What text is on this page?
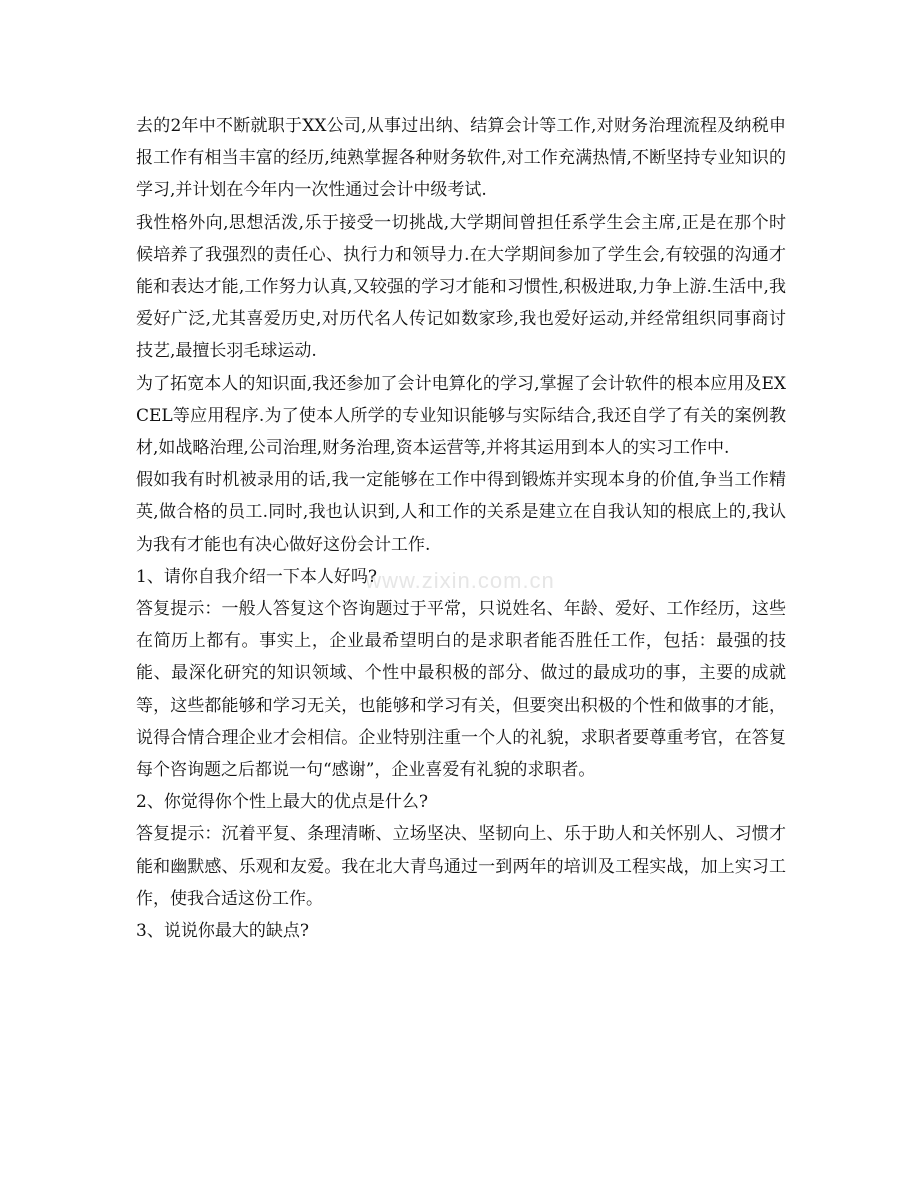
www.zixin.com.cn

去的2年中不断就职于XX公司,从事过出纳、结算会计等工作,对财务治理流程及纳税申报工作有相当丰富的经历,纯熟掌握各种财务软件,对工作充满热情,不断坚持专业知识的学习,并计划在今年内一次性通过会计中级考试.

我性格外向,思想活泼,乐于接受一切挑战,大学期间曾担任系学生会主席,正是在那个时候培养了我强烈的责任心、执行力和领导力.在大学期间参加了学生会,有较强的沟通才能和表达才能,工作努力认真,又较强的学习才能和习惯性,积极进取,力争上游.生活中,我爱好广泛,尤其喜爱历史,对历代名人传记如数家珍,我也爱好运动,并经常组织同事商讨技艺,最擅长羽毛球运动.

为了拓宽本人的知识面,我还参加了会计电算化的学习,掌握了会计软件的根本应用及EXCEL等应用程序.为了使本人所学的专业知识能够与实际结合,我还自学了有关的案例教材,如战略治理,公司治理,财务治理,资本运营等,并将其运用到本人的实习工作中.

假如我有时机被录用的话,我一定能够在工作中得到锻炼并实现本身的价值,争当工作精英,做合格的员工.同时,我也认识到,人和工作的关系是建立在自我认知的根底上的,我认为我有才能也有决心做好这份会计工作.

1、请你自我介绍一下本人好吗?

答复提示：一般人答复这个咨询题过于平常，只说姓名、年龄、爱好、工作经历，这些在简历上都有。事实上，企业最希望明白的是求职者能否胜任工作，包括：最强的技能、最深化研究的知识领域、个性中最积极的部分、做过的最成功的事，主要的成就等，这些都能够和学习无关，也能够和学习有关，但要突出积极的个性和做事的才能，说得合情合理企业才会相信。企业特别注重一个人的礼貌，求职者要尊重考官，在答复每个咨询题之后都说一句“感谢”，企业喜爱有礼貌的求职者。

2、你觉得你个性上最大的优点是什么?

答复提示：沉着平复、条理清晰、立场坚决、坚韧向上、乐于助人和关怀别人、习惯才能和幽默感、乐观和友爱。我在北大青鸟通过一到两年的培训及工程实战，加上实习工作，使我合适这份工作。

3、说说你最大的缺点?
